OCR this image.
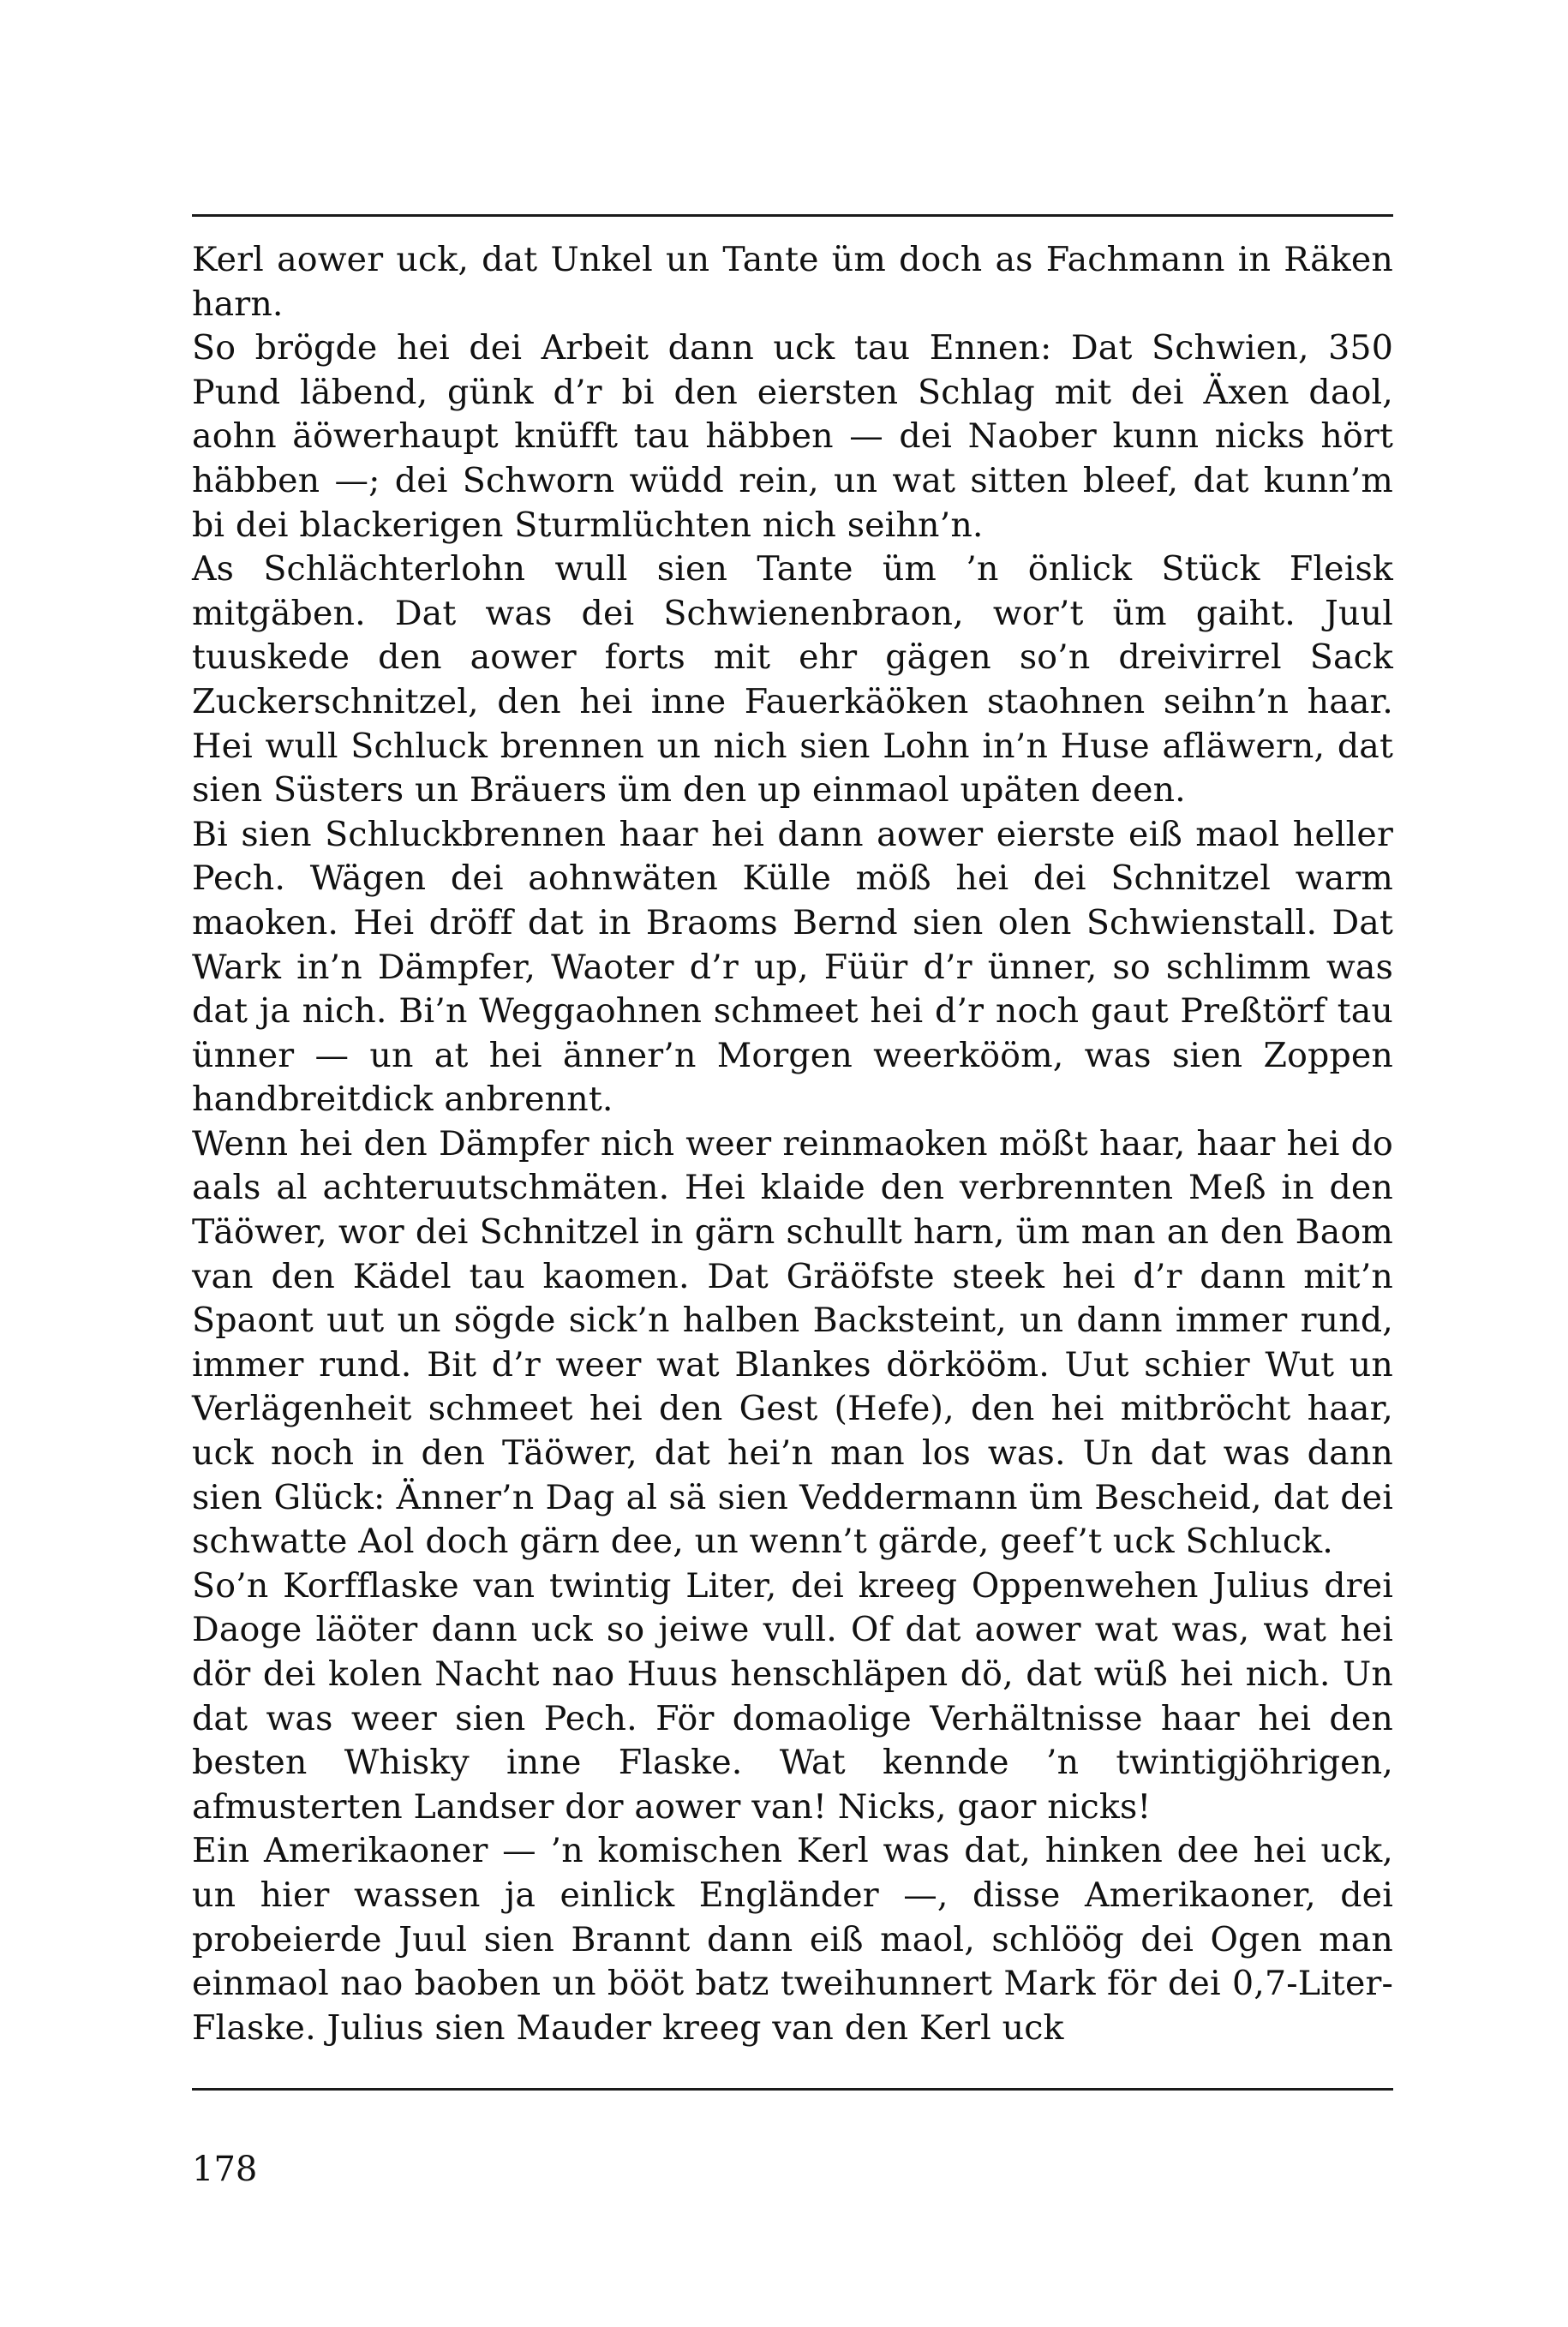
Kerl aower uck, dat Unkel un Tante üm doch as Fachmann in Räken harn.

So brögde hei dei Arbeit dann uck tau Ennen: Dat Schwien, 350 Pund läbend, günk d’r bi den eiersten Schlag mit dei Äxen daol, aohn äöwerhaupt knüfft tau häbben — dei Naober kunn nicks hört häbben —; dei Schworn wüdd rein, un wat sitten bleef, dat kunn’m bi dei blackerigen Sturmlüchten nich seihn’n.

As Schlächterlohn wull sien Tante üm ’n önlick Stück Fleisk mitgäben. Dat was dei Schwienenbraon, wor’t üm gaiht. Juul tuuskede den aower forts mit ehr gägen so’n dreivirrel Sack Zuckerschnitzel, den hei inne Fauerkäöken staohnen seihn’n haar. Hei wull Schluck brennen un nich sien Lohn in’n Huse afläwern, dat sien Süsters un Bräuers üm den up einmaol upäten deen.

Bi sien Schluckbrennen haar hei dann aower eierste eiß maol heller Pech. Wägen dei aohnwäten Külle möß hei dei Schnitzel warm maoken. Hei dröff dat in Braoms Bernd sien olen Schwienstall. Dat Wark in’n Dämpfer, Waoter d’r up, Füür d’r ünner, so schlimm was dat ja nich. Bi’n Weggaohnen schmeet hei d’r noch gaut Preßtörf tau ünner — un at hei änner’n Morgen weerkööm, was sien Zoppen handbreitdick anbrennt.

Wenn hei den Dämpfer nich weer reinmaoken mößt haar, haar hei do aals al achteruutschmäten. Hei klaide den verbrennten Meß in den Täöwer, wor dei Schnitzel in gärn schullt harn, üm man an den Baom van den Kädel tau kaomen. Dat Gräöfste steek hei d’r dann mit’n Spaont uut un sögde sick’n halben Backsteint, un dann immer rund, immer rund. Bit d’r weer wat Blankes dörkööm. Uut schier Wut un Verlägenheit schmeet hei den Gest (Hefe), den hei mitbröcht haar, uck noch in den Täöwer, dat hei’n man los was. Un dat was dann sien Glück: Änner’n Dag al sä sien Veddermann üm Bescheid, dat dei schwatte Aol doch gärn dee, un wenn’t gärde, geef’t uck Schluck.

So’n Korfflaske van twintig Liter, dei kreeg Oppenwehen Julius drei Daoge läöter dann uck so jeiwe vull. Of dat aower wat was, wat hei dör dei kolen Nacht nao Huus henschläpen dö, dat wüß hei nich. Un dat was weer sien Pech. För domaolige Verhältnisse haar hei den besten Whisky inne Flaske. Wat kennde ’n twintigjöhrigen, afmusterten Landser dor aower van! Nicks, gaor nicks!

Ein Amerikaoner — ’n komischen Kerl was dat, hinken dee hei uck, un hier wassen ja einlick Engländer —, disse Amerikaoner, dei probeierde Juul sien Brannt dann eiß maol, schlöög dei Ogen man einmaol nao baoben un bööt batz tweihunnert Mark för dei 0,7-Liter-Flaske. Julius sien Mauder kreeg van den Kerl uck

178
